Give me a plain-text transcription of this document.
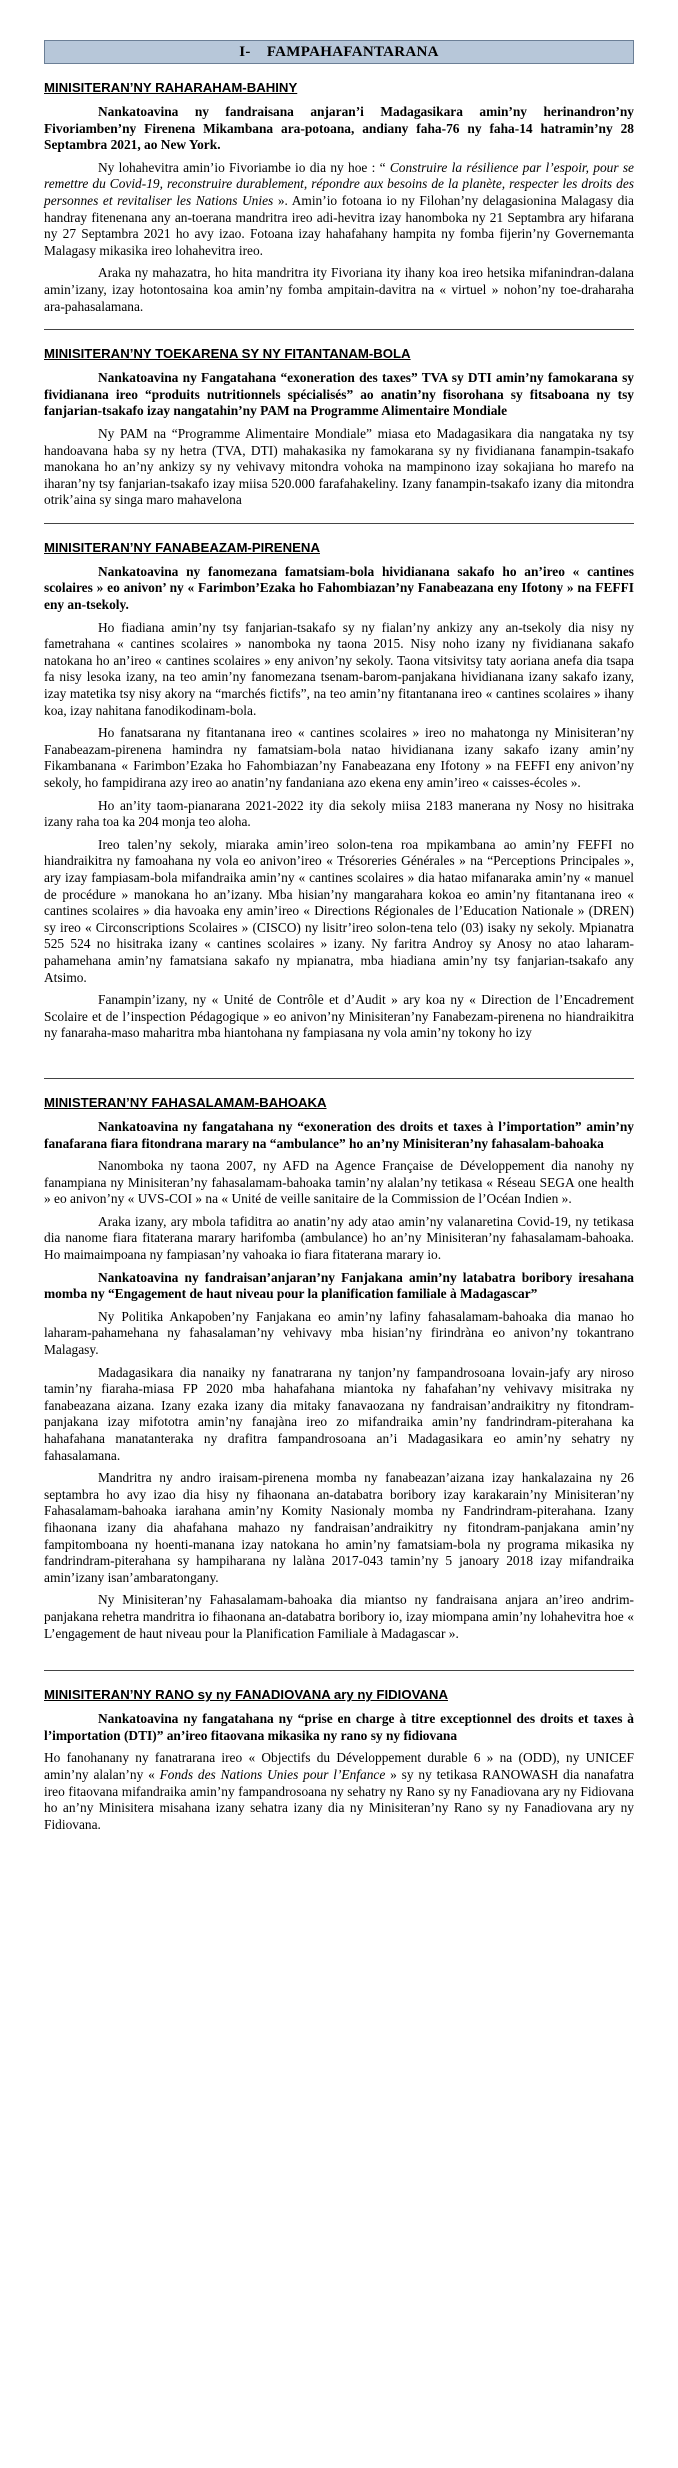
I-    FAMPAHAFANTARANA
MINISITERAN’NY RAHARAHAM-BAHINY

Nankatoavina ny fandraisana anjaran’i Madagasikara amin’ny herinandron’ny Fivoriamben’ny Firenena Mikambana ara-potoana, andiany faha-76 ny faha-14 hatramin’ny 28 Septambra 2021, ao New York.

Ny lohahevitra amin’io Fivoriambe io dia ny hoe : “ Construire la résilience par l’espoir, pour se remettre du Covid-19, reconstruire durablement, répondre aux besoins de la planète, respecter les droits des personnes et revitaliser les Nations Unies ». Amin’io fotoana io ny Filohan’ny delagasionina Malagasy dia handray fitenenana any an-toerana mandritra ireo adi-hevitra izay hanomboka ny 21 Septambra ary hifarana ny 27 Septambra 2021 ho avy izao. Fotoana izay hahafahany hampita ny fomba fijerin’ny Governemanta Malagasy mikasika ireo lohahevitra ireo.

Araka ny mahazatra, ho hita mandritra ity Fivoriana ity ihany koa ireo hetsika mifanindran-dalana amin’izany, izay hotontosaina koa amin’ny fomba ampitain-davitra na « virtuel » nohon’ny toe-draharaha ara-pahasalamana.

MINISITERAN’NY TOEKARENA SY NY FITANTANAM-BOLA

Nankatoavina ny Fangatahana “exoneration des taxes” TVA sy DTI amin’ny famokarana sy fividianana ireo “produits nutritionnels spécialisés” ao anatin’ny fisorohana sy fitsaboana ny tsy fanjarian-tsakafo izay nangatahin’ny PAM na Programme Alimentaire Mondiale

Ny PAM na “Programme Alimentaire Mondiale” miasa eto Madagasikara dia nangataka ny tsy handoavana haba sy ny hetra (TVA, DTI) mahakasika ny famokarana sy ny fividianana fanampin-tsakafo manokana ho an’ny ankizy sy ny vehivavy mitondra vohoka na mampinono izay sokajiana ho marefo na iharan’ny tsy fanjarian-tsakafo izay miisa 520.000 farafahakeliny. Izany fanampin-tsakafo izany dia mitondra otrik’aina sy singa maro mahavelona

MINISITERAN’NY FANABEAZAM-PIRENENA

Nankatoavina ny fanomezana famatsiam-bola hividianana sakafo ho an’ireo « cantines scolaires » eo anivon’ ny « Farimbon’Ezaka ho Fahombiazan’ny Fanabeazana eny Ifotony » na FEFFI eny an-tsekoly.

Ho fiadiana amin’ny tsy fanjarian-tsakafo sy ny fialan’ny ankizy any an-tsekoly dia nisy ny fametrahana « cantines scolaires » nanomboka ny taona 2015. Nisy noho izany ny fividianana sakafo natokana ho an’ireo « cantines scolaires » eny anivon’ny sekoly. Taona vitsivitsy taty aoriana anefa dia tsapa fa nisy lesoka izany, na teo amin’ny fanomezana tsenam-barom-panjakana hividianana izany sakafo izany, izay matetika tsy nisy akory na “marchés fictifs”, na teo amin’ny fitantanana ireo « cantines scolaires » ihany koa, izay nahitana fanodikodinam-bola.

Ho fanatsarana ny fitantanana ireo « cantines scolaires » ireo no mahatonga ny Minisiteran’ny Fanabeazam-pirenena hamindra ny famatsiam-bola natao hividianana izany sakafo izany amin’ny Fikambanana « Farimbon’Ezaka ho Fahombiazan’ny Fanabeazana eny Ifotony » na FEFFI eny anivon’ny sekoly, ho fampidirana azy ireo ao anatin’ny fandaniana azo ekena eny amin’ireo « caisses-écoles ».

Ho an’ity taom-pianarana 2021-2022 ity dia sekoly miisa 2183 manerana ny Nosy no hisitraka izany raha toa ka 204 monja teo aloha.

Ireo talen’ny sekoly, miaraka amin’ireo solon-tena roa mpikambana ao amin’ny FEFFI no hiandraikitra ny famoahana ny vola eo anivon’ireo « Trésoreries Générales » na “Perceptions Principales », ary izay fampiasam-bola mifandraika amin’ny « cantines scolaires » dia hatao mifanaraka amin’ny « manuel de procédure » manokana ho an’izany. Mba hisian’ny mangarahara kokoa eo amin’ny fitantanana ireo « cantines scolaires » dia havoaka eny amin’ireo « Directions Régionales de l’Education Nationale » (DREN) sy ireo « Circonscriptions Scolaires » (CISCO) ny lisitr’ireo solon-tena telo (03) isaky ny sekoly. Mpianatra 525 524 no hisitraka izany « cantines scolaires » izany. Ny faritra Androy sy Anosy no atao laharam-pahamehana amin’ny famatsiana sakafo ny mpianatra, mba hiadiana amin’ny tsy fanjarian-tsakafo any Atsimo.

Fanampin’izany, ny « Unité de Contrôle et d’Audit » ary koa ny « Direction de l’Encadrement Scolaire et de l’inspection Pédagogique » eo anivon’ny Minisiteran’ny Fanabezam-pirenena no hiandraikitra ny fanaraha-maso maharitra mba hiantohana ny fampiasana ny vola amin’ny tokony ho izy

MINISTERAN’NY FAHASALAMAM-BAHOAKA

Nankatoavina ny fangatahana ny “exoneration des droits et taxes à l’importation” amin’ny fanafarana fiara fitondrana marary na “ambulance” ho an’ny Minisiteran’ny fahasalam-bahoaka

Nanomboka ny taona 2007, ny AFD na Agence Française de Développement dia nanohy ny fanampiana ny Minisiteran’ny fahasalamam-bahoaka tamin’ny alalan’ny tetikasa « Réseau SEGA one health » eo anivon’ny « UVS-COI » na « Unité de veille sanitaire de la Commission de l’Océan Indien ».

Araka izany, ary mbola tafiditra ao anatin’ny ady atao amin’ny valanaretina Covid-19, ny tetikasa dia nanome fiara fitaterana marary harifomba (ambulance) ho an’ny Minisiteran’ny fahasalamam-bahoaka. Ho maimaimpoana ny fampiasan’ny vahoaka io fiara fitaterana marary io.

Nankatoavina ny fandraisan’anjaran’ny Fanjakana amin’ny latabatra boribory iresahana momba ny “Engagement de haut niveau pour la planification familiale à Madagascar”

Ny Politika Ankapoben’ny Fanjakana eo amin’ny lafiny fahasalamam-bahoaka dia manao ho laharam-pahamehana ny fahasalaman’ny vehivavy mba hisian’ny firindràna eo anivon’ny tokantrano Malagasy.

Madagasikara dia nanaiky ny fanatrarana ny tanjon’ny fampandrosoana lovain-jafy ary niroso tamin’ny fiaraha-miasa FP 2020 mba hahafahana miantoka ny fahafahan’ny vehivavy misitraka ny fanabeazana aizana. Izany ezaka izany dia mitaky fanavaozana ny fandraisan’andraikitry ny fitondram-panjakana izay mifototra amin’ny fanajàna ireo zo mifandraika amin’ny fandrindram-piterahana ka hahafahana manatanteraka ny drafitra fampandrosoana an’i Madagasikara eo amin’ny sehatry ny fahasalamana.

Mandritra ny andro iraisam-pirenena momba ny fanabeazan’aizana izay hankalazaina ny 26 septambra ho avy izao dia hisy ny fihaonana an-databatra boribory izay karakarain’ny Minisiteran’ny Fahasalamam-bahoaka iarahana amin’ny Komity Nasionaly momba ny Fandrindram-piterahana. Izany fihaonana izany dia ahafahana mahazo ny fandraisan’andraikitry ny fitondram-panjakana amin’ny fampitomboana ny hoenti-manana izay natokana ho amin’ny famatsiam-bola ny programa mikasika ny fandrindram-piterahana sy hampiharana ny lalàna 2017-043 tamin’ny 5 janoary 2018 izay mifandraika amin’izany isan’ambaratongany.

Ny Minisiteran’ny Fahasalamam-bahoaka dia miantso ny fandraisana anjara an’ireo andrim-panjakana rehetra mandritra io fihaonana an-databatra boribory io, izay miompana amin’ny lohahevitra hoe « L’engagement de haut niveau pour la Planification Familiale à Madagascar ».

MINISITERAN’NY RANO sy ny FANADIOVANA ary ny FIDIOVANA

Nankatoavina ny fangatahana ny “prise en charge à titre exceptionnel des droits et taxes à l’importation (DTI)” an’ireo fitaovana mikasika ny rano sy ny fidiovana

Ho fanohanany ny fanatrarana ireo « Objectifs du Développement durable 6 » na (ODD), ny UNICEF amin’ny alalan’ny « Fonds des Nations Unies pour l’Enfance » sy ny tetikasa RANOWASH dia nanafatra ireo fitaovana mifandraika amin’ny fampandrosoana ny sehatry ny Rano sy ny Fanadiovana ary ny Fidiovana ho an’ny Minisitera misahana izany sehatra izany dia ny Minisiteran’ny Rano sy ny Fanadiovana ary ny Fidiovana.
